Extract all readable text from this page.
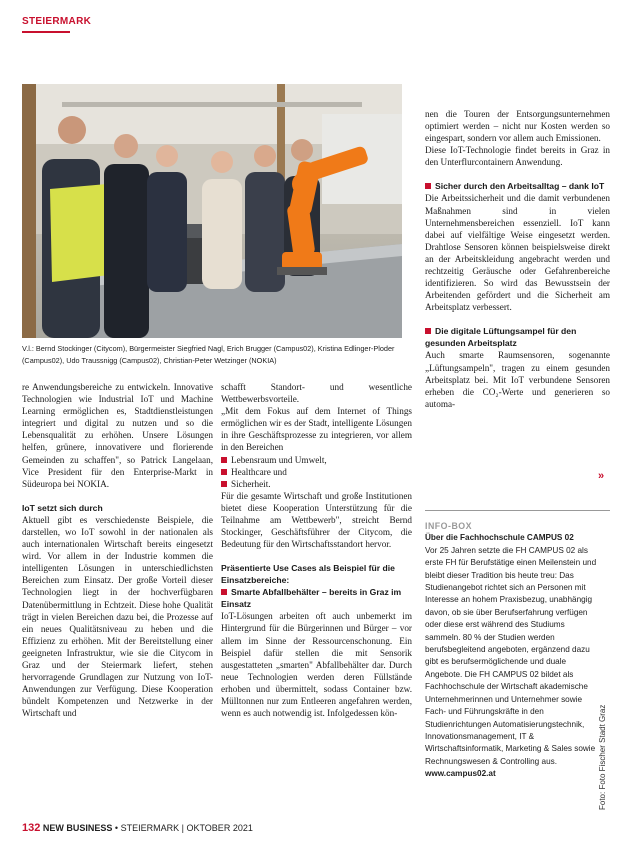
STEIERMARK
V.l.: Bernd Stockinger (Citycom), Bürgermeister Siegfried Nagl, Erich Brugger (Campus02), Kristina Edlinger-Ploder (Campus02), Udo Traussnigg (Campus02), Christian-Peter Wetzinger (NOKIA)

re Anwendungsbereiche zu entwickeln. Innovative Technologien wie Industrial IoT und Machine Learning ermöglichen es, Stadtdienstleistungen integriert und digital zu nutzen und so die Lebensqualität zu erhöhen. Unsere Lösungen helfen, grünere, innovativere und florierende Gemeinden zu schaffen", so Patrick Langelaan, Vice President für den Enterprise-Markt in Südeuropa bei NOKIA.

IoT setzt sich durch

Aktuell gibt es verschiedenste Beispiele, die darstellen, wo IoT sowohl in der nationalen als auch internationalen Wirtschaft bereits eingesetzt wird. Vor allem in der Industrie kommen die intelligenten Lösungen in unterschiedlichsten Bereichen zum Einsatz. Der große Vorteil dieser Technologien liegt in der hochverfügbaren Datenübermittlung in Echtzeit. Diese hohe Qualität trägt in vielen Bereichen dazu bei, die Prozesse auf ein neues Qualitätsniveau zu heben und die Effizienz zu erhöhen. Mit der Bereitstellung einer geeigneten Infrastruktur, wie sie die Citycom in Graz und der Steiermark liefert, stehen hervorragende Grundlagen zur Nutzung von IoT-Anwendungen zur Verfügung. Diese Kooperation bündelt Kompetenzen und Netzwerke in der Wirtschaft und

schafft Standort- und wesentliche Wettbewerbsvorteile.

„Mit dem Fokus auf dem Internet of Things ermöglichen wir es der Stadt, intelligente Lösungen in ihre Geschäftsprozesse zu integrieren, vor allem in den Bereichen

Lebensraum und Umwelt,

Healthcare und

Sicherheit.

Für die gesamte Wirtschaft und große Institutionen bietet diese Kooperation Unterstützung für die Teilnahme am Wettbewerb", streicht Bernd Stockinger, Geschäftsführer der Citycom, die Bedeutung für den Wirtschaftsstandort hervor.

Präsentierte Use Cases als Beispiel für die Einsatzbereiche:

Smarte Abfallbehälter – bereits in Graz im Einsatz

IoT-Lösungen arbeiten oft auch unbemerkt im Hintergrund für die Bürgerinnen und Bürger – vor allem im Sinne der Ressourcenschonung. Ein Beispiel dafür stellen die mit Sensorik ausgestatteten „smarten" Abfallbehälter dar. Durch neue Technologien werden deren Füllstände erhoben und übermittelt, sodass Container bzw. Mülltonnen nur zum Entleeren angefahren werden, wenn es auch notwendig ist. Infolgedessen kön-

nen die Touren der Entsorgungsunternehmen optimiert werden – nicht nur Kosten werden so eingespart, sondern vor allem auch Emissionen.

Diese IoT-Technologie findet bereits in Graz in den Unterflurcontainern Anwendung.

Sicher durch den Arbeitsalltag – dank IoT

Die Arbeitssicherheit und die damit verbundenen Maßnahmen sind in vielen Unternehmensbereichen essenziell. IoT kann dabei auf vielfältige Weise eingesetzt werden. Drahtlose Sensoren können beispielsweise direkt an der Arbeitskleidung angebracht werden und rechtzeitig Geräusche oder Gefahrenbereiche identifizieren. So wird das Bewusstsein der Arbeitenden gefördert und die Sicherheit am Arbeitsplatz verbessert.

Die digitale Lüftungsampel für den gesunden Arbeitsplatz

Auch smarte Raumsensoren, sogenannte „Lüftungsampeln", tragen zu einem gesunden Arbeitsplatz bei. Mit IoT verbundene Sensoren erheben die CO₂-Werte und generieren so automa-

»
INFO-BOX
Über die Fachhochschule CAMPUS 02
Vor 25 Jahren setzte die FH CAMPUS 02 als erste FH für Berufstätige einen Meilenstein und bleibt dieser Tradition bis heute treu: Das Studienangebot richtet sich an Personen mit Interesse an hohem Praxisbezug, unabhängig davon, ob sie über Berufserfahrung verfügen oder diese erst während des Studiums sammeln. 80 % der Studien werden berufsbegleitend angeboten, ergänzend dazu gibt es berufsermöglichende und duale Angebote. Die FH CAMPUS 02 bildet als Fachhochschule der Wirtschaft akademische Unternehmerinnen und Unternehmer sowie Fach- und Führungskräfte in den Studienrichtungen Automatisierungstechnik, Innovationsmanagement, IT & Wirtschaftsinformatik, Marketing & Sales sowie Rechnungswesen & Controlling aus.
www.campus02.at	Foto: Foto Fischer Stadt Graz
132 NEW BUSINESS • STEIERMARK | OKTOBER 2021
